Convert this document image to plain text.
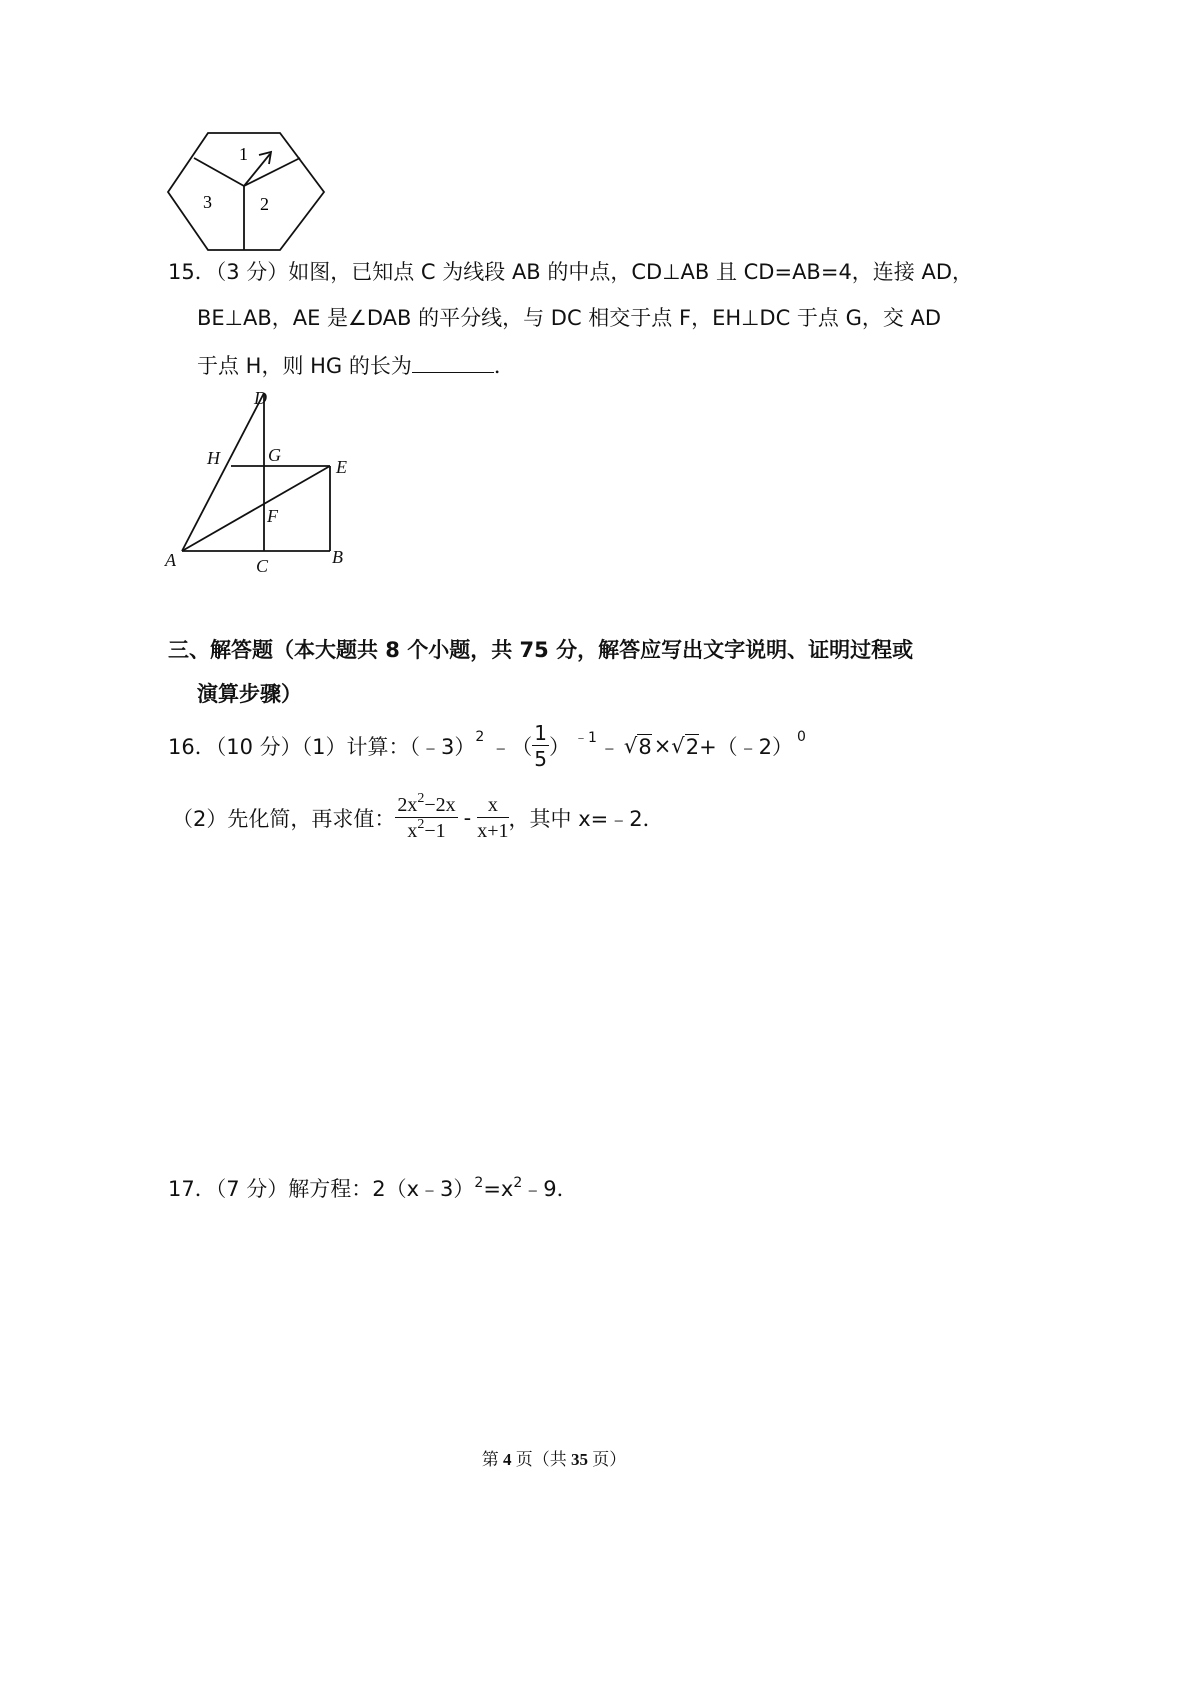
1
2
3
15．（3 分）如图，已知点 C 为线段 AB 的中点，CD⊥AB 且 CD=AB=4，连接 AD，
BE⊥AB，AE 是∠DAB 的平分线，与 DC 相交于点 F，EH⊥DC 于点 G，交 AD
于点 H，则 HG 的长为	．
D
H	G
E
F
A	C	B
三、解答题（本大题共 8 个小题，共 75 分，解答应写出文字说明、证明过程或
演算步骤）
16．（10 分）（1）计算：（﹣3） 2 ﹣（ $\frac{1}{5}$ ） ﹣1 ﹣ √ 8 × √ 2 +（﹣2） 0
（2）先化简，再求值： $\frac{2x^2-2x}{x^2-1} - \frac{x}{x+1}$ ，其中 x=﹣2．
17．（7 分）解方程：$2(x﹣3)^2=x^2﹣9$．
第 4 页（共 35 页）
